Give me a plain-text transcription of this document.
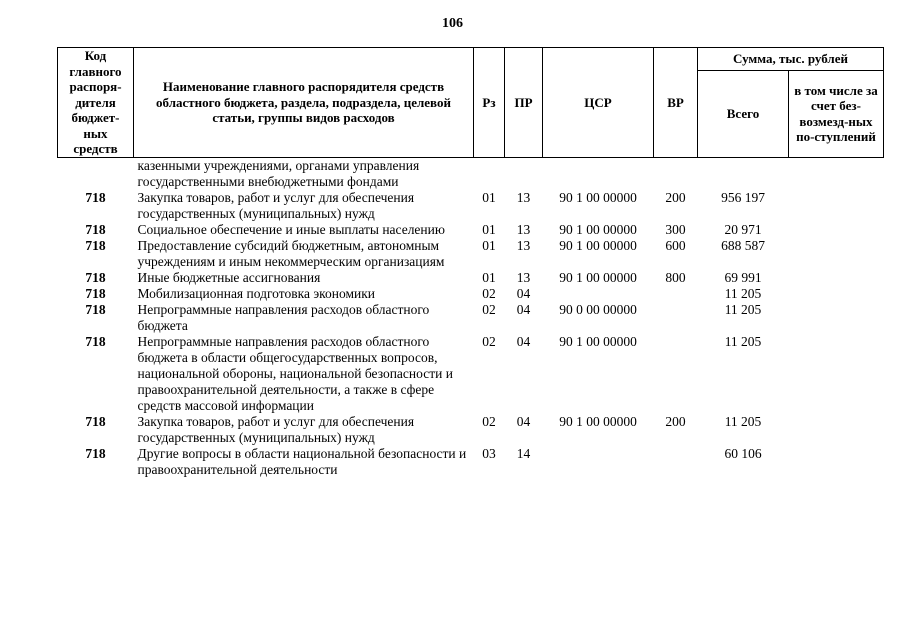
106
Код главного распоря-дителя бюджет-ных средств	Наименование главного распорядителя средств областного бюджета, раздела, подраздела, целевой статьи, группы видов расходов	Рз	ПР	ЦСР	ВР	Сумма, тыс. рублей	
						Всего	в том числе за счет без-возмезд-ных по-ступлений
	казенными учреждениями, органами управления государственными внебюджетными фондами						
718	Закупка товаров, работ и услуг для обеспечения государственных (муниципальных) нужд	01	13	90 1 00 00000	200	956 197	
718	Социальное обеспечение и иные выплаты населению	01	13	90 1 00 00000	300	20 971	
718	Предоставление субсидий бюджетным, автономным учреждениям и иным некоммерческим организациям	01	13	90 1 00 00000	600	688 587	
718	Иные бюджетные ассигнования	01	13	90 1 00 00000	800	69 991	
718	Мобилизационная подготовка экономики	02	04			11 205	
718	Непрограммные направления расходов областного бюджета	02	04	90 0 00 00000		11 205	
718	Непрограммные направления расходов областного бюджета в области общегосударственных вопросов, национальной обороны, национальной безопасности и правоохранительной деятельности, а также в сфере средств массовой информации	02	04	90 1 00 00000		11 205	
718	Закупка товаров, работ и услуг для обеспечения государственных (муниципальных) нужд	02	04	90 1 00 00000	200	11 205	
718	Другие вопросы в области национальной безопасности и правоохранительной деятельности	03	14			60 106	
